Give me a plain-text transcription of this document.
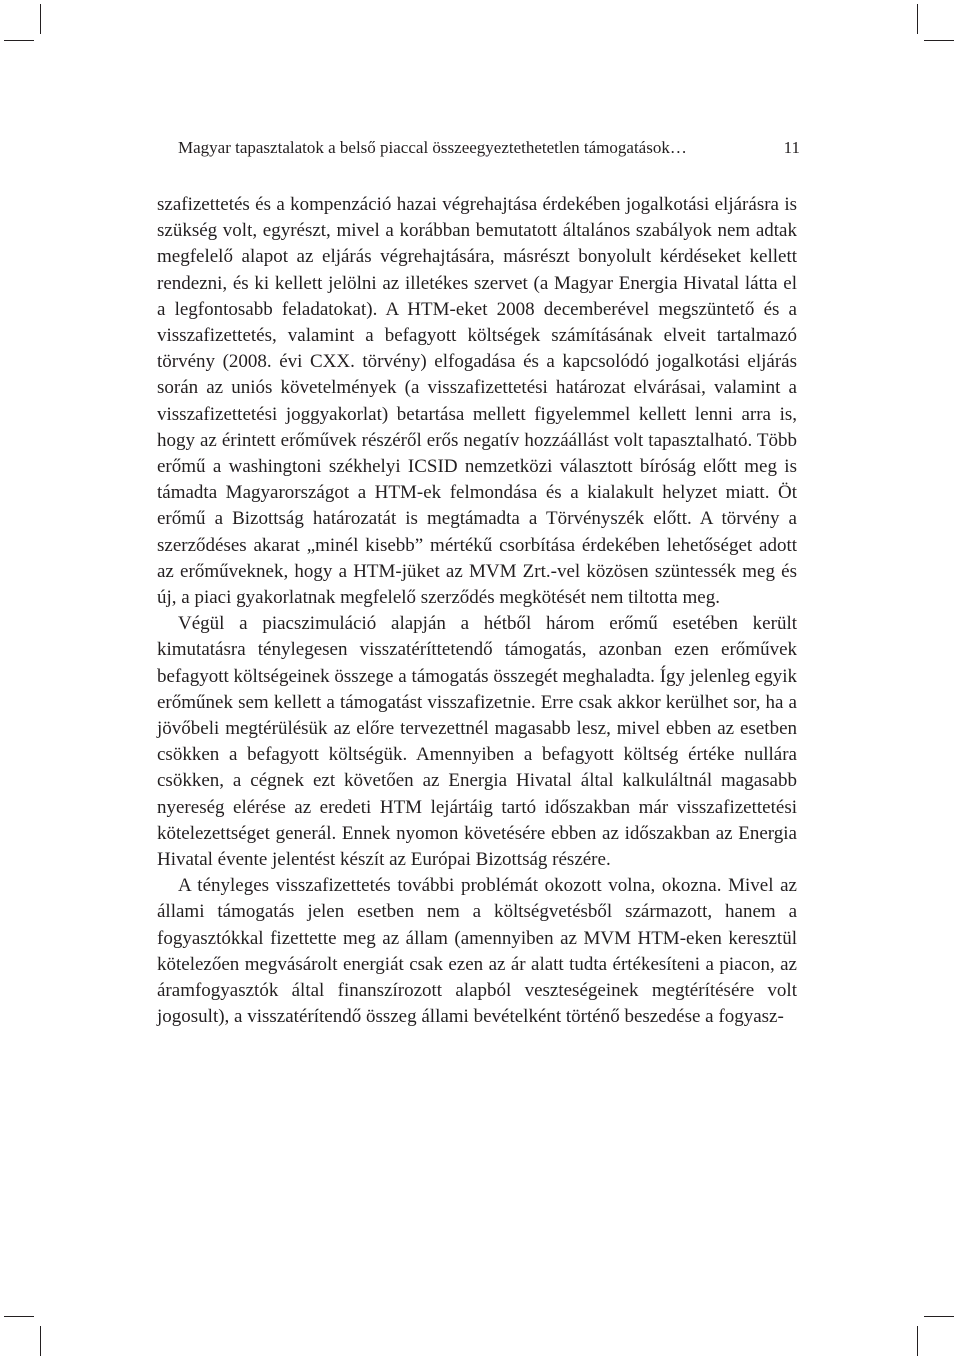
Magyar tapasztalatok a belső piaccal összeegyeztethetetlen támogatások…	11

szafizettetés és a kompenzáció hazai végrehajtása érdekében jogalkotási eljárásra is szükség volt, egyrészt, mivel a korábban bemutatott általános szabályok nem adtak megfelelő alapot az eljárás végrehajtására, másrészt bonyolult kérdéseket kellett rendezni, és ki kellett jelölni az illetékes szervet (a Magyar Energia Hivatal látta el a legfontosabb feladatokat). A HTM-eket 2008 decemberével megszüntető és a visszafizettetés, valamint a befagyott költségek számításának elveit tartalmazó törvény (2008. évi CXX. törvény) elfogadása és a kapcsolódó jogalkotási eljárás során az uniós követelmények (a visszafizettetési határozat elvárásai, valamint a visszafizettetési joggyakorlat) betartása mellett figyelemmel kellett lenni arra is, hogy az érintett erőművek részéről erős negatív hozzáállást volt tapasztalható. Több erőmű a washingtoni székhelyi ICSID nemzetközi választott bíróság előtt meg is támadta Magyarországot a HTM-ek felmondása és a kialakult helyzet miatt. Öt erőmű a Bizottság határozatát is megtámadta a Törvényszék előtt. A törvény a szerződéses akarat „minél kisebb” mértékű csorbítása érdekében lehetőséget adott az erőműveknek, hogy a HTM-jüket az MVM Zrt.-vel közösen szüntessék meg és új, a piaci gyakorlatnak megfelelő szerződés megkötését nem tiltotta meg.

Végül a piacszimuláció alapján a hétből három erőmű esetében került kimutatásra ténylegesen visszatéríttetendő támogatás, azonban ezen erőművek befagyott költségeinek összege a támogatás összegét meghaladta. Így jelenleg egyik erőműnek sem kellett a támogatást visszafizetnie. Erre csak akkor kerülhet sor, ha a jövőbeli megtérülésük az előre tervezettnél magasabb lesz, mivel ebben az esetben csökken a befagyott költségük. Amennyiben a befagyott költség értéke nullára csökken, a cégnek ezt követően az Energia Hivatal által kalkuláltnál magasabb nyereség elérése az eredeti HTM lejártáig tartó időszakban már visszafizettetési kötelezettséget generál. Ennek nyomon követésére ebben az időszakban az Energia Hivatal évente jelentést készít az Európai Bizottság részére.

A tényleges visszafizettetés további problémát okozott volna, okozna. Mivel az állami támogatás jelen esetben nem a költségvetésből származott, hanem a fogyasztókkal fizettette meg az állam (amennyiben az MVM HTM-eken keresztül kötelezően megvásárolt energiát csak ezen az ár alatt tudta értékesíteni a piacon, az áramfogyasztók által finanszírozott alapból veszteségeinek megtérítésére volt jogosult), a visszatérítendő összeg állami bevételként történő beszedése a fogyasz-
